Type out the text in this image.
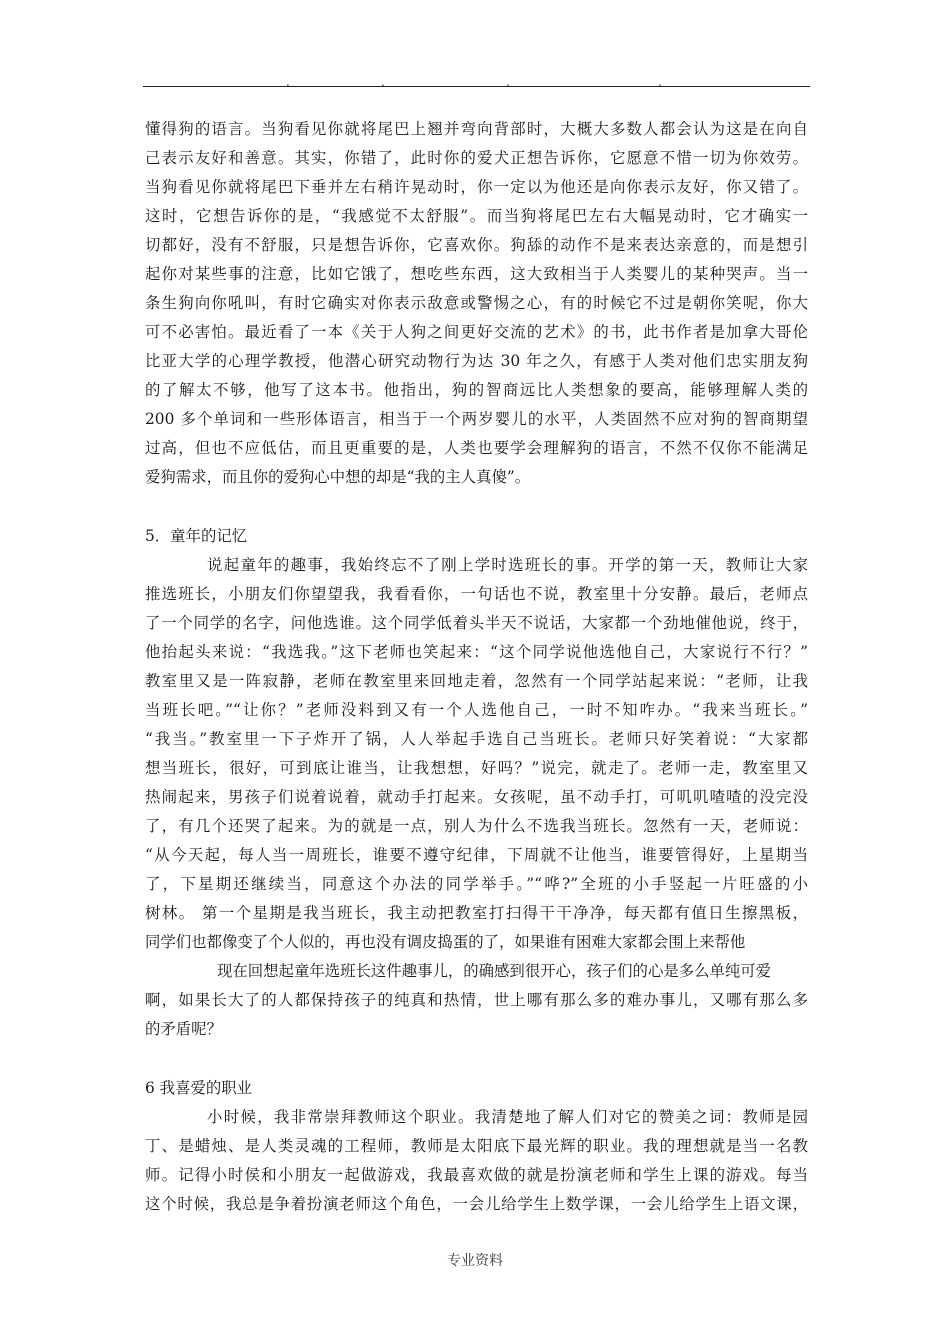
.	.	.	.
懂得狗的语言。当狗看见你就将尾巴上翘并弯向背部时，大概大多数人都会认为这是在向自
己表示友好和善意。其实，你错了，此时你的爱犬正想告诉你，它愿意不惜一切为你效劳。
当狗看见你就将尾巴下垂并左右稍许晃动时，你一定以为他还是向你表示友好，你又错了。
这时，它想告诉你的是，“我感觉不太舒服”。而当狗将尾巴左右大幅晃动时，它才确实一
切都好，没有不舒服，只是想告诉你，它喜欢你。狗舔的动作不是来表达亲意的，而是想引
起你对某些事的注意，比如它饿了，想吃些东西，这大致相当于人类婴儿的某种哭声。当一
条生狗向你吼叫，有时它确实对你表示敌意或警惕之心，有的时候它不过是朝你笑呢，你大
可不必害怕。最近看了一本《关于人狗之间更好交流的艺术》的书，此书作者是加拿大哥伦
比亚大学的心理学教授，他潜心研究动物行为达 30 年之久，有感于人类对他们忠实朋友狗
的了解太不够，他写了这本书。他指出，狗的智商远比人类想象的要高，能够理解人类的
200 多个单词和一些形体语言，相当于一个两岁婴儿的水平，人类固然不应对狗的智商期望
过高，但也不应低估，而且更重要的是，人类也要学会理解狗的语言，不然不仅你不能满足
爱狗需求，而且你的爱狗心中想的却是“我的主人真傻”。
5．童年的记忆
说起童年的趣事，我始终忘不了刚上学时选班长的事。开学的第一天，教师让大家
推选班长，小朋友们你望望我，我看看你，一句话也不说，教室里十分安静。最后，老师点
了一个同学的名字，问他选谁。这个同学低着头半天不说话，大家都一个劲地催他说，终于，
他抬起头来说：“我选我。”这下老师也笑起来：“这个同学说他选他自己，大家说行不行？”
教室里又是一阵寂静，老师在教室里来回地走着，忽然有一个同学站起来说：“老师，让我
当班长吧。”“让你？”老师没料到又有一个人选他自己，一时不知咋办。“我来当班长。”
“我当。”教室里一下子炸开了锅，人人举起手选自己当班长。老师只好笑着说：“大家都
想当班长，很好，可到底让谁当，让我想想，好吗？”说完，就走了。老师一走，教室里又
热闹起来，男孩子们说着说着，就动手打起来。女孩呢，虽不动手打，可叽叽喳喳的没完没
了，有几个还哭了起来。为的就是一点，别人为什么不选我当班长。忽然有一天，老师说：
“从今天起，每人当一周班长，谁要不遵守纪律，下周就不让他当，谁要管得好，上星期当
了，下星期还继续当，同意这个办法的同学举手。”“哗?”全班的小手竖起一片旺盛的小
树林。 第一个星期是我当班长，我主动把教室打扫得干干净净，每天都有值日生擦黑板，
同学们也都像变了个人似的，再也没有调皮捣蛋的了，如果谁有困难大家都会围上来帮他
现在回想起童年选班长这件趣事儿，的确感到很开心，孩子们的心是多么单纯可爱
啊，如果长大了的人都保持孩子的纯真和热情，世上哪有那么多的难办事儿，又哪有那么多
的矛盾呢？
6 我喜爱的职业
小时候，我非常崇拜教师这个职业。我清楚地了解人们对它的赞美之词：教师是园
丁、是蜡烛、是人类灵魂的工程师，教师是太阳底下最光辉的职业。我的理想就是当一名教
师。记得小时侯和小朋友一起做游戏，我最喜欢做的就是扮演老师和学生上课的游戏。每当
这个时候，我总是争着扮演老师这个角色，一会儿给学生上数学课，一会儿给学生上语文课，
专业资料
